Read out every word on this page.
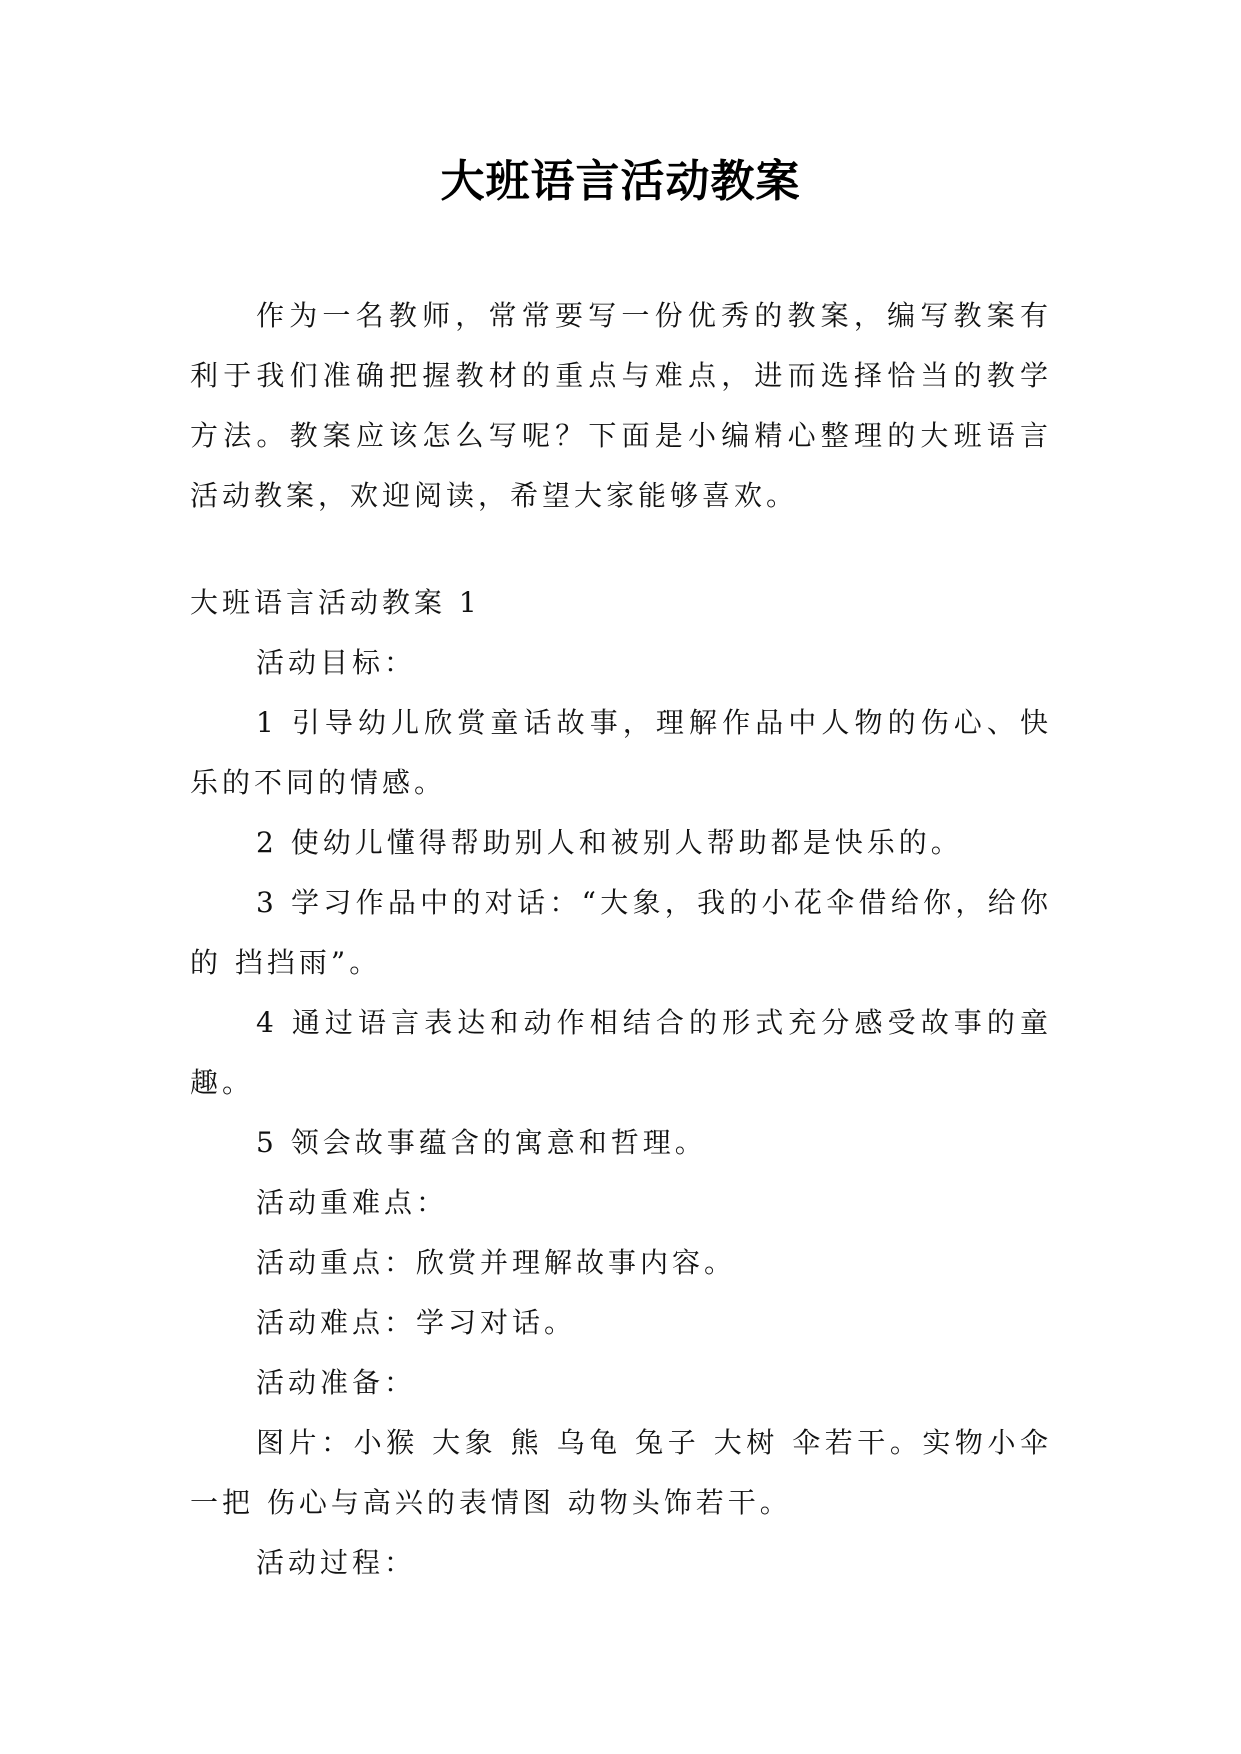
大班语言活动教案

作为一名教师，常常要写一份优秀的教案，编写教案有利于我们准确把握教材的重点与难点，进而选择恰当的教学方法。教案应该怎么写呢？下面是小编精心整理的大班语言活动教案，欢迎阅读，希望大家能够喜欢。

大班语言活动教案 1

活动目标：

1 引导幼儿欣赏童话故事，理解作品中人物的伤心、快乐的不同的情感。

2 使幼儿懂得帮助别人和被别人帮助都是快乐的。

3 学习作品中的对话：“大象，我的小花伞借给你，给你的 挡挡雨”。

4 通过语言表达和动作相结合的形式充分感受故事的童趣。

5 领会故事蕴含的寓意和哲理。

活动重难点：

活动重点：欣赏并理解故事内容。

活动难点：学习对话。

活动准备：

图片：小猴 大象 熊 乌龟 兔子 大树 伞若干。实物小伞一把 伤心与高兴的表情图 动物头饰若干。

活动过程：
